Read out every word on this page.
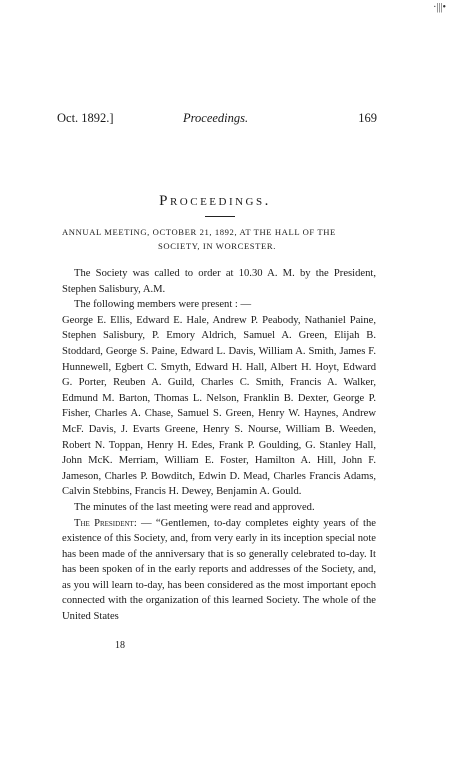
·|||•
Oct. 1892.]	Proceedings.	169
Proceedings.
ANNUAL MEETING, OCTOBER 21, 1892, AT THE HALL OF THE
SOCIETY, IN WORCESTER.

The Society was called to order at 10.30 A. M. by the President, Stephen Salisbury, A.M.

The following members were present : —

George E. Ellis, Edward E. Hale, Andrew P. Peabody, Nathaniel Paine, Stephen Salisbury, P. Emory Aldrich, Samuel A. Green, Elijah B. Stoddard, George S. Paine, Edward L. Davis, William A. Smith, James F. Hunnewell, Egbert C. Smyth, Edward H. Hall, Albert H. Hoyt, Edward G. Porter, Reuben A. Guild, Charles C. Smith, Francis A. Walker, Edmund M. Barton, Thomas L. Nelson, Franklin B. Dexter, George P. Fisher, Charles A. Chase, Samuel S. Green, Henry W. Haynes, Andrew McF. Davis, J. Evarts Greene, Henry S. Nourse, William B. Weeden, Robert N. Toppan, Henry H. Edes, Frank P. Goulding, G. Stanley Hall, John McK. Merriam, William E. Foster, Hamilton A. Hill, John F. Jameson, Charles P. Bowditch, Edwin D. Mead, Charles Francis Adams, Calvin Stebbins, Francis H. Dewey, Benjamin A. Gould.

The minutes of the last meeting were read and approved.

The President: — “Gentlemen, to-day completes eighty years of the existence of this Society, and, from very early in its inception special note has been made of the anniversary that is so generally celebrated to-day. It has been spoken of in the early reports and addresses of the Society, and, as you will learn to-day, has been considered as the most important epoch connected with the organization of this learned Society. The whole of the United States

18
